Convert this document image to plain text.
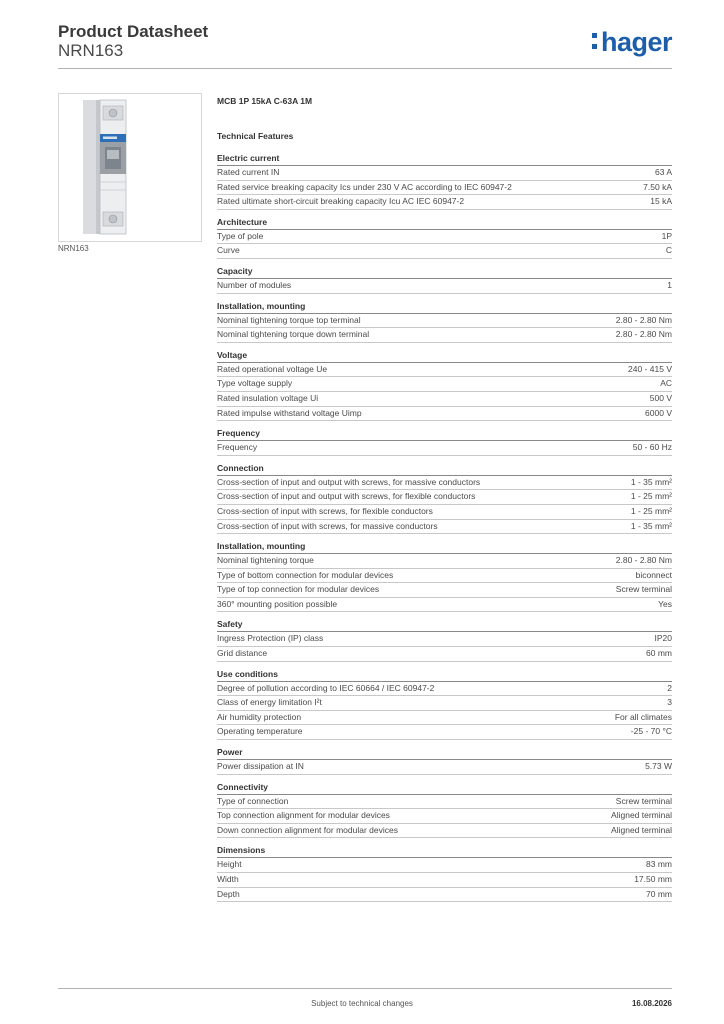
Product Datasheet
NRN163	hager
NRN163
MCB 1P 15kA C-63A 1M
Technical Features
Electric current
Rated current IN	63 A
Rated service breaking capacity Ics under 230 V AC according to IEC 60947-2	7.50 kA
Rated ultimate short-circuit breaking capacity Icu AC IEC 60947-2	15 kA
Architecture
Type of pole	1P
Curve	C
Capacity
Number of modules	1
Installation, mounting
Nominal tightening torque top terminal	2.80 - 2.80 Nm
Nominal tightening torque down terminal	2.80 - 2.80 Nm
Voltage
Rated operational voltage Ue	240 - 415 V
Type voltage supply	AC
Rated insulation voltage Ui	500 V
Rated impulse withstand voltage Uimp	6000 V
Frequency
Frequency	50 - 60 Hz
Connection
Cross-section of input and output with screws, for massive conductors	1 - 35 mm²
Cross-section of input and output with screws, for flexible conductors	1 - 25 mm²
Cross-section of input with screws, for flexible conductors	1 - 25 mm²
Cross-section of input with screws, for massive conductors	1 - 35 mm²
Installation, mounting
Nominal tightening torque	2.80 - 2.80 Nm
Type of bottom connection for modular devices	biconnect
Type of top connection for modular devices	Screw terminal
360° mounting position possible	Yes
Safety
Ingress Protection (IP) class	IP20
Grid distance	60 mm
Use conditions
Degree of pollution according to IEC 60664 / IEC 60947-2	2
Class of energy limitation I²t	3
Air humidity protection	For all climates
Operating temperature	-25 - 70 °C
Power
Power dissipation at IN	5.73 W
Connectivity
Type of connection	Screw terminal
Top connection alignment for modular devices	Aligned terminal
Down connection alignment for modular devices	Aligned terminal
Dimensions
Height	83 mm
Width	17.50 mm
Depth	70 mm
Subject to technical changes	16.08.2026
